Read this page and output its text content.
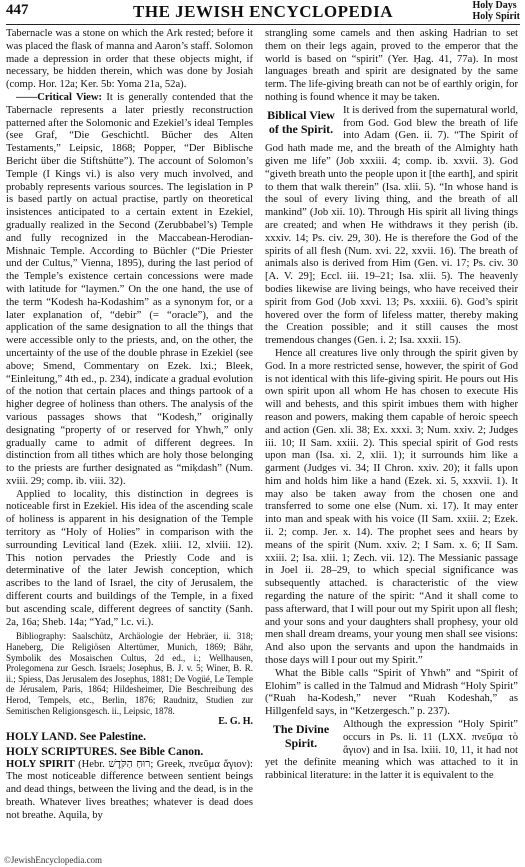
447	THE JEWISH ENCYCLOPEDIA	Holy Days
Holy Spirit

Tabernacle was a stone on which the Ark rested; before it was placed the flask of manna and Aaron’s staff. Solomon made a depression in order that these objects might, if necessary, be hidden therein, which was done by Josiah (comp. Hor. 12a; Ker. 5b: Yoma 21a, 52a).

——Critical View: It is generally contended that the Tabernacle represents a later priestly reconstruction patterned after the Solomonic and Ezekiel’s ideal Temples (see Graf, “Die Geschichtl. Bücher des Alten Testaments,” Leipsic, 1868; Popper, “Der Biblische Bericht über die Stiftshütte”). The account of Solomon’s Temple (I Kings vi.) is also very much involved, and probably represents various sources. The legislation in P is based partly on actual practise, partly on theoretical insistences anticipated to a certain extent in Ezekiel, gradually realized in the Second (Zerubbabel’s) Temple and fully recognized in the Maccabean-Herodian-Mishnaic Temple. According to Büchler (“Die Priester und der Cultus,” Vienna, 1895), during the last period of the Temple’s existence certain concessions were made with latitude for “laymen.” On the one hand, the use of the term “Kodesh ha-Kodashim” as a synonym for, or a later explanation of, “debir” (= “oracle”), and the application of the same designation to all the things that were accessible only to the priests, and, on the other, the uncertainty of the use of the double phrase in Ezekiel (see above; Smend, Commentary on Ezek. lxi.; Bleek, “Einleitung,” 4th ed., p. 234), indicate a gradual evolution of the notion that certain places and things partook of a higher degree of holiness than others. The analysis of the various passages shows that “Kodesh,” originally designating “property of or reserved for Yhwh,” only gradually came to admit of different degrees. In distinction from all tithes which are holy those belonging to the priests are further designated as “miḳdash” (Num. xviii. 29; comp. ib. viii. 32).

Applied to locality, this distinction in degrees is noticeable first in Ezekiel. His idea of the ascending scale of holiness is apparent in his designation of the Temple territory as “Holy of Holies” in comparison with the surrounding Levitical land (Ezek. xliii. 12, xlviii. 12). This notion pervades the Priestly Code and is determinative of the later Jewish conception, which ascribes to the land of Israel, the city of Jerusalem, the different courts and buildings of the Temple, in a fixed but ascending scale, different degrees of sanctity (Sanh. 2a, 16a; Sheb. 14a; “Yad,” l.c. vi.).

Bibliography: Saalschütz, Archäologie der Hebräer, ii. 318; Haneberg, Die Religiösen Altertümer, Munich, 1869; Bähr, Symbolik des Mosaischen Cultus, 2d ed., i.; Wellhausen, Prolegomena zur Gesch. Israels; Josephus, B. J. v. 5; Winer, B. R. ii.; Spiess, Das Jerusalem des Josephus, 1881; De Vogüé, Le Temple de Jérusalem, Paris, 1864; Hildesheimer, Die Beschreibung des Herod, Tempels, etc., Berlin, 1876; Raudnitz, Studien zur Semitischen Religionsgesch. ii., Leipsic, 1878.

E. G. H.

HOLY LAND. See Palestine.

HOLY SCRIPTURES. See Bible Canon.

HOLY SPIRIT (Hebr. רוּחַ הַקֹּדֶשׁ; Greek, πνεῦμα ἅγιον): The most noticeable difference between sentient beings and dead things, between the living and the dead, is in the breath. Whatever lives breathes; whatever is dead does not breathe. Aquila, by

strangling some camels and then asking Hadrian to set them on their legs again, proved to the emperor that the world is based on “spirit” (Yer. Ḥag. 41, 77a). In most languages breath and spirit are designated by the same term. The life-giving breath can not be of earthly origin, for nothing is found whence it may be taken.

Biblical View of the Spirit.

It is derived from the supernatural world, from God. God blew the breath of life into Adam (Gen. ii. 7). “The Spirit of God hath made me, and the breath of the Almighty hath given me life” (Job xxxiii. 4; comp. ib. xxvii. 3). God “giveth breath unto the people upon it [the earth], and spirit to them that walk therein” (Isa. xlii. 5). “In whose hand is the soul of every living thing, and the breath of all mankind” (Job xii. 10). Through His spirit all living things are created; and when He withdraws it they perish (ib. xxxiv. 14; Ps. civ. 29, 30). He is therefore the God of the spirits of all flesh (Num. xvi. 22, xxvii. 16). The breath of animals also is derived from Him (Gen. vi. 17; Ps. civ. 30 [A. V. 29]; Eccl. iii. 19–21; Isa. xlii. 5). The heavenly bodies likewise are living beings, who have received their spirit from God (Job xxvi. 13; Ps. xxxiii. 6). God’s spirit hovered over the form of lifeless matter, thereby making the Creation possible; and it still causes the most tremendous changes (Gen. i. 2; Isa. xxxii. 15).

Hence all creatures live only through the spirit given by God. In a more restricted sense, however, the spirit of God is not identical with this life-giving spirit. He pours out His own spirit upon all whom He has chosen to execute His will and behests, and this spirit imbues them with higher reason and powers, making them capable of heroic speech and action (Gen. xli. 38; Ex. xxxi. 3; Num. xxiv. 2; Judges iii. 10; II Sam. xxiii. 2). This special spirit of God rests upon man (Isa. xi. 2, xlii. 1); it surrounds him like a garment (Judges vi. 34; II Chron. xxiv. 20); it falls upon him and holds him like a hand (Ezek. xi. 5, xxxvii. 1). It may also be taken away from the chosen one and transferred to some one else (Num. xi. 17). It may enter into man and speak with his voice (II Sam. xxiii. 2; Ezek. ii. 2; comp. Jer. x. 14). The prophet sees and hears by means of the spirit (Num. xxiv. 2; I Sam. x. 6; II Sam. xxiii. 2; Isa. xlii. 1; Zech. vii. 12). The Messianic passage in Joel ii. 28–29, to which special significance was subsequently attached. is characteristic of the view regarding the nature of the spirit: “And it shall come to pass afterward, that I will pour out my Spirit upon all flesh; and your sons and your daughters shall prophesy, your old men shall dream dreams, your young men shall see visions: And also upon the servants and upon the handmaids in those days will I pour out my Spirit.”

What the Bible calls “Spirit of Yhwh” and “Spirit of Elohim” is called in the Talmud and Midrash “Holy Spirit” (“Ruah ha-Kodesh,” never “Ruah Kodeshah,” as Hillgenfeld says, in “Ketzergesch.” p. 237).

The Divine Spirit.

Although the expression “Holy Spirit” occurs in Ps. li. 11 (LXX. πνεῦμα τὸ ἅγιον) and in Isa. lxiii. 10, 11, it had not yet the definite meaning which was attached to it in rabbinical literature: in the latter it is equivalent to the

©JewishEncyclopedia.com
